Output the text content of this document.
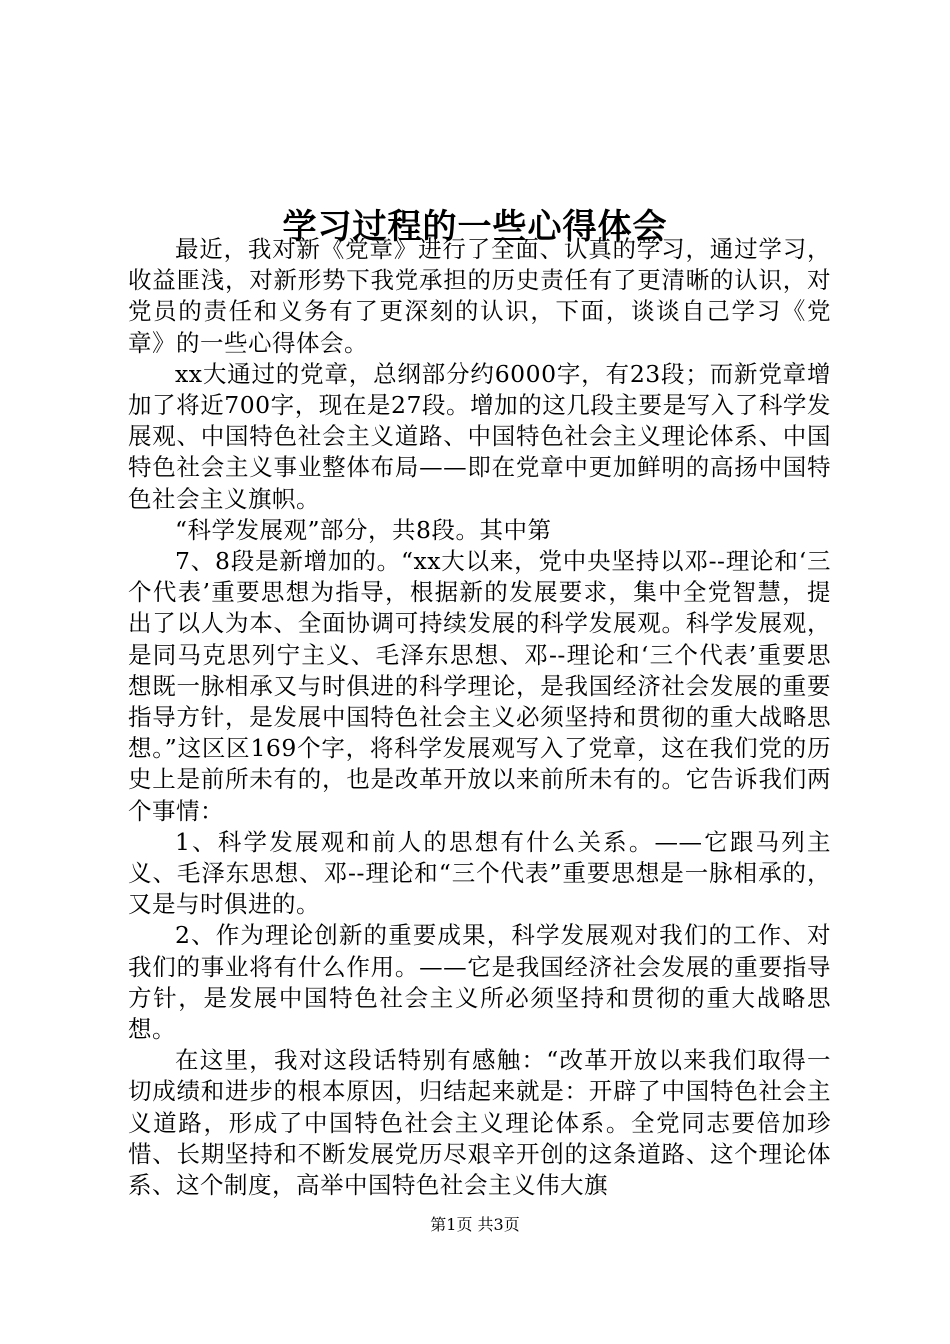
学习过程的一些心得体会

最近，我对新《党章》进行了全面、认真的学习，通过学习，收益匪浅，对新形势下我党承担的历史责任有了更清晰的认识，对党员的责任和义务有了更深刻的认识，下面，谈谈自己学习《党章》的一些心得体会。

xx大通过的党章，总纲部分约6000字，有23段；而新党章增加了将近700字，现在是27段。增加的这几段主要是写入了科学发展观、中国特色社会主义道路、中国特色社会主义理论体系、中国特色社会主义事业整体布局——即在党章中更加鲜明的高扬中国特色社会主义旗帜。

“科学发展观”部分，共8段。其中第

7、8段是新增加的。“xx大以来，党中央坚持以邓--理论和‘三个代表’重要思想为指导，根据新的发展要求，集中全党智慧，提出了以人为本、全面协调可持续发展的科学发展观。科学发展观，是同马克思列宁主义、毛泽东思想、邓--理论和‘三个代表’重要思想既一脉相承又与时俱进的科学理论，是我国经济社会发展的重要指导方针，是发展中国特色社会主义必须坚持和贯彻的重大战略思想。”这区区169个字，将科学发展观写入了党章，这在我们党的历史上是前所未有的，也是改革开放以来前所未有的。它告诉我们两个事情：

1、科学发展观和前人的思想有什么关系。——它跟马列主义、毛泽东思想、邓--理论和“三个代表”重要思想是一脉相承的，又是与时俱进的。

2、作为理论创新的重要成果，科学发展观对我们的工作、对我们的事业将有什么作用。——它是我国经济社会发展的重要指导方针，是发展中国特色社会主义所必须坚持和贯彻的重大战略思想。

在这里，我对这段话特别有感触：“改革开放以来我们取得一切成绩和进步的根本原因，归结起来就是：开辟了中国特色社会主义道路，形成了中国特色社会主义理论体系。全党同志要倍加珍惜、长期坚持和不断发展党历尽艰辛开创的这条道路、这个理论体系、这个制度，高举中国特色社会主义伟大旗

第1页 共3页
